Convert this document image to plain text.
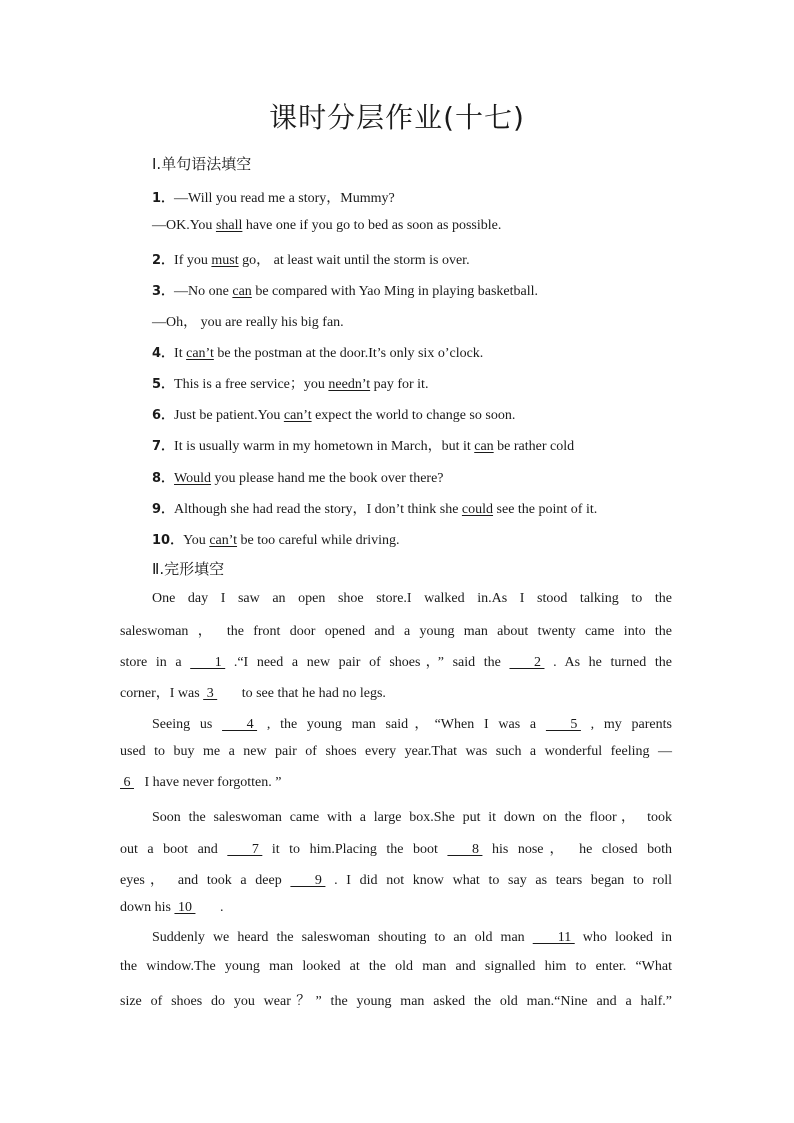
课时分层作业(十七)
Ⅰ.单句语法填空
1．—Will you read me a story，Mummy?
—OK.You shall have one if you go to bed as soon as possible.
2．If you must go， at least wait until the storm is over.
3．—No one can be compared with Yao Ming in playing basketball.
—Oh， you are really his big fan.
4．It can’t be the postman at the door.It’s only six o’clock.
5．This is a free service；you needn’t pay for it.
6．Just be patient.You can’t expect the world to change so soon.
7．It is usually warm in my hometown in March，but it can be rather cold
8．Would you please hand me the book over there?
9．Although she had read the story，I don’t think she could see the point of it.
10．You can’t be too careful while driving.
Ⅱ.完形填空
One day I saw an open shoe store.I walked in.As I stood talking to the
saleswoman ， the front door opened and a young man about twenty came into the
store in a  1  .“I need a new pair of shoes，” said the  2  . As he turned the
corner，I was  3  to see that he had no legs.
Seeing us  4  , the young man said，“When I was a  5  , my parents
used to buy me a new pair of shoes every year.That was such a wonderful feeling —
6  I have never forgotten. ”
Soon the saleswoman came with a large box.She put it down on the floor， took
out a boot and  7  it to him.Placing the boot  8  his nose， he closed both
eyes， and took a deep  9  . I did not know what to say as tears began to roll
down his  10  .
Suddenly we heard the saleswoman shouting to an old man  11  who looked in
the window.The young man looked at the old man and signalled him to enter. “What
size of shoes do you wear？” the young man asked the old man.“Nine and a half.”
